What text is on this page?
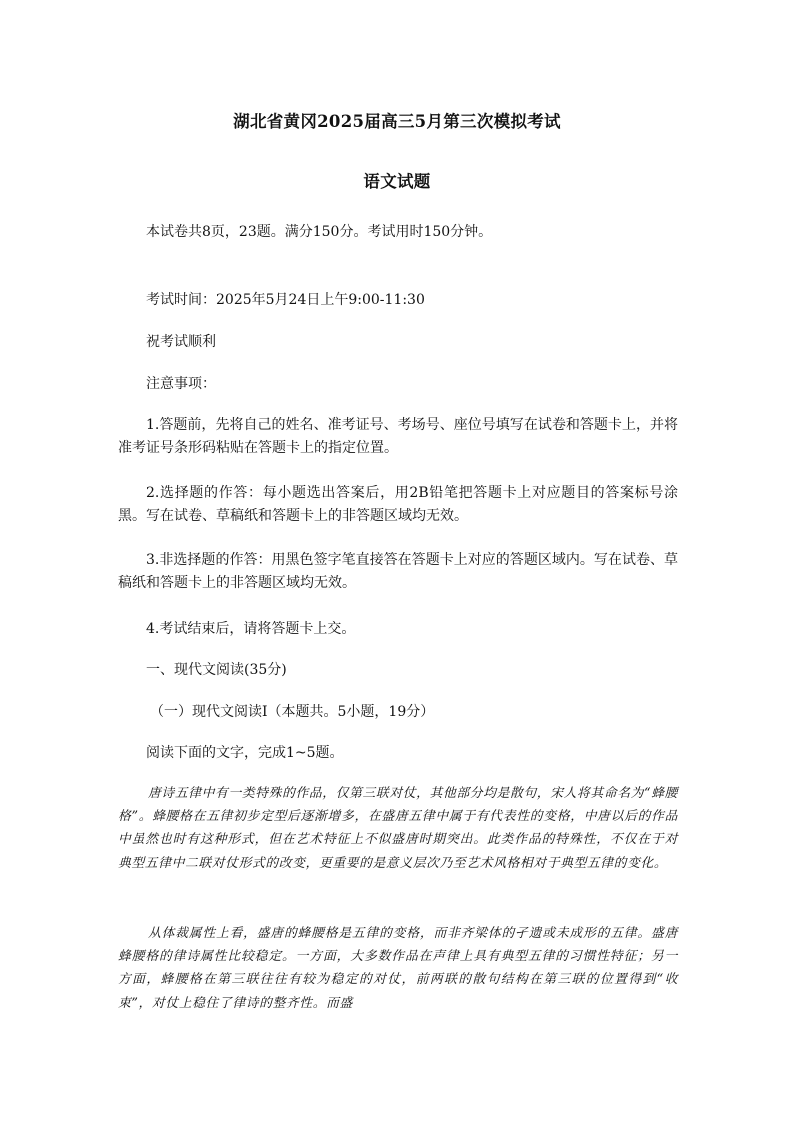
湖北省黄冈2025届高三5月第三次模拟考试
语文试题
本试卷共8页，23题。满分150分。考试用时150分钟。
考试时间：2025年5月24日上午9:00-11:30
祝考试顺利
注意事项：
1.答题前，先将自己的姓名、准考证号、考场号、座位号填写在试卷和答题卡上，并将准考证号条形码粘贴在答题卡上的指定位置。
2.选择题的作答：每小题选出答案后，用2B铅笔把答题卡上对应题目的答案标号涂黑。写在试卷、草稿纸和答题卡上的非答题区域均无效。
3.非选择题的作答：用黑色签字笔直接答在答题卡上对应的答题区域内。写在试卷、草稿纸和答题卡上的非答题区域均无效。
4.考试结束后，请将答题卡上交。
一、现代文阅读(35分)
（一）现代文阅读Ⅰ（本题共。5小题，19分）
阅读下面的文字，完成1~5题。
唐诗五律中有一类特殊的作品，仅第三联对仗，其他部分均是散句，宋人将其命名为“蜂腰格”。蜂腰格在五律初步定型后逐渐增多，在盛唐五律中属于有代表性的变格，中唐以后的作品中虽然也时有这种形式，但在艺术特征上不似盛唐时期突出。此类作品的特殊性，不仅在于对典型五律中二联对仗形式的改变，更重要的是意义层次乃至艺术风格相对于典型五律的变化。
从体裁属性上看，盛唐的蜂腰格是五律的变格，而非齐梁体的孑遗或未成形的五律。盛唐蜂腰格的律诗属性比较稳定。一方面，大多数作品在声律上具有典型五律的习惯性特征；另一方面，蜂腰格在第三联往往有较为稳定的对仗，前两联的散句结构在第三联的位置得到“收束”，对仗上稳住了律诗的整齐性。而盛
